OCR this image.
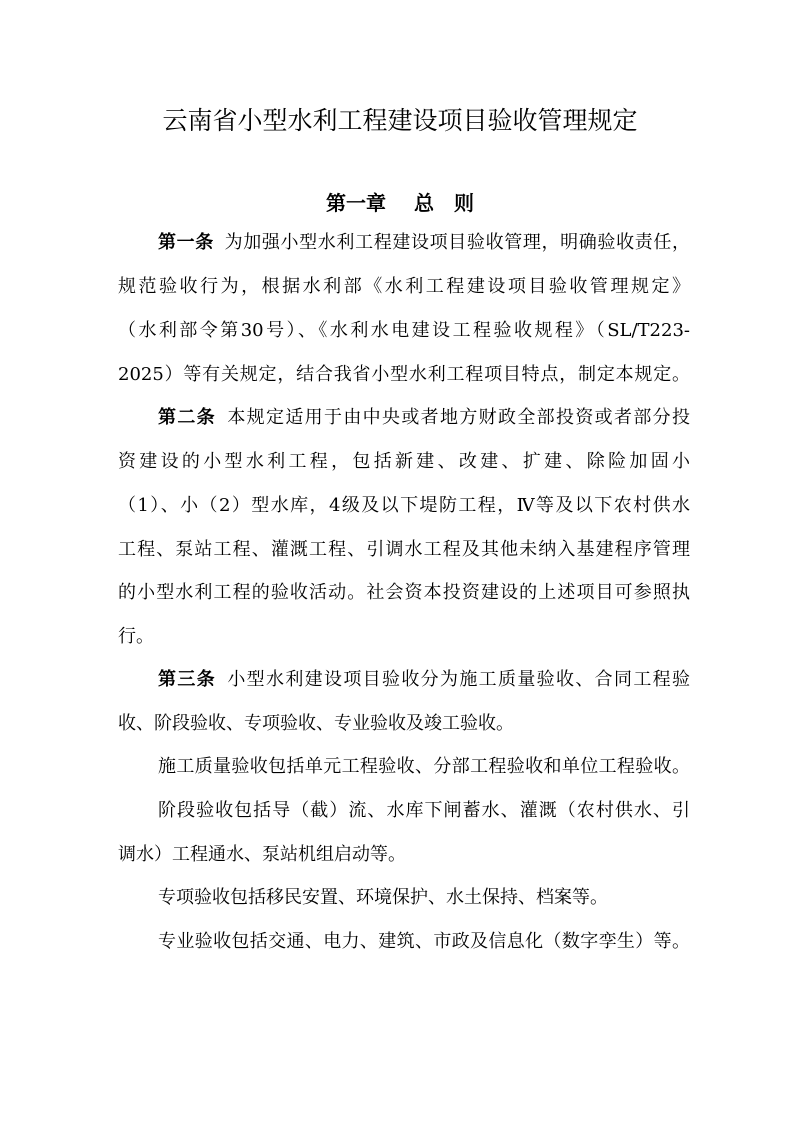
云南省小型水利工程建设项目验收管理规定
第一章 总　则
第一条 为加强小型水利工程建设项目验收管理，明确验收责任，
规范验收行为，根据水利部《水利工程建设项目验收管理规定》
（水利部令第30号）、《水利水电建设工程验收规程》（SL/T223-
2025）等有关规定，结合我省小型水利工程项目特点，制定本规定。
第二条 本规定适用于由中央或者地方财政全部投资或者部分投
资建设的小型水利工程，包括新建、改建、扩建、除险加固小
（1）、小（2）型水库，4级及以下堤防工程，Ⅳ等及以下农村供水
工程、泵站工程、灌溉工程、引调水工程及其他未纳入基建程序管理
的小型水利工程的验收活动。社会资本投资建设的上述项目可参照执
行。
第三条 小型水利建设项目验收分为施工质量验收、合同工程验
收、阶段验收、专项验收、专业验收及竣工验收。
施工质量验收包括单元工程验收、分部工程验收和单位工程验收。
阶段验收包括导（截）流、水库下闸蓄水、灌溉（农村供水、引
调水）工程通水、泵站机组启动等。
专项验收包括移民安置、环境保护、水土保持、档案等。
专业验收包括交通、电力、建筑、市政及信息化（数字孪生）等。
